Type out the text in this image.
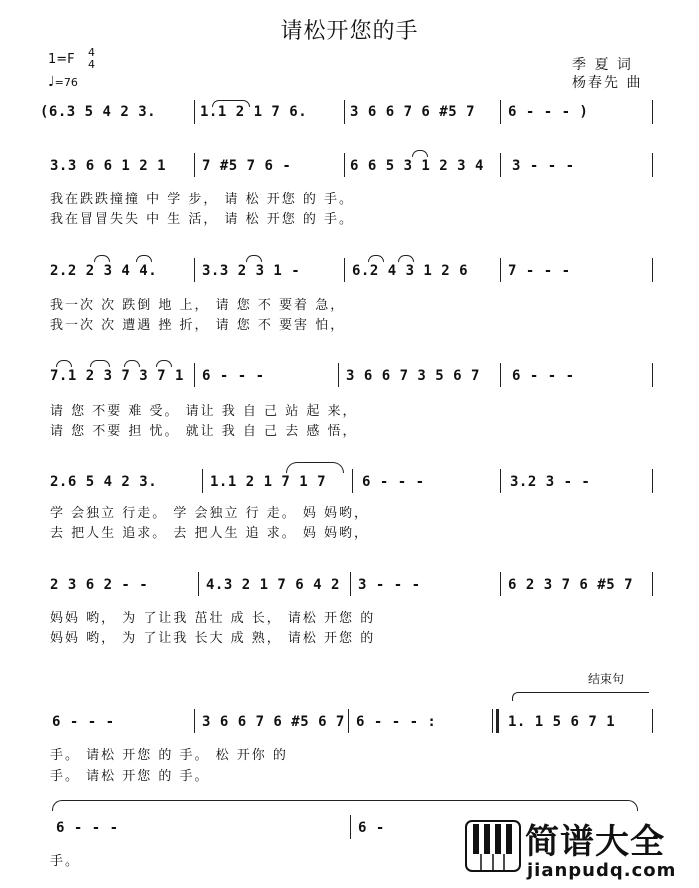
请松开您的手
1=F 4
4
♩=76
季 夏 词
杨春先 曲
(6.3 5 4 2 3.	1.1 2 1 7 6.	3 6 6 7 6 #5 7 6 - - - )
3.3 6 6 1 2 1	7 #5 7 6 -	6 6 5 3 1 2 3 4 3 - - -
我在跌跌撞撞 中 学 步， 请 松 开您 的 手。
我在冒冒失失 中 生 活， 请 松 开您 的 手。
2.2 2 3 4 4.	3.3 2 3 1 -	6.2 4 3 1 2 6	7 - - -
我一次 次 跌倒 地 上， 请 您 不 要着 急，
我一次 次 遭遇 挫 折， 请 您 不 要害 怕，
7.1 2 3 7 3 7 1 6 - - -	3 6 6 7 3 5 6 7 6 - - -
请 您 不要 难 受。 请让 我 自 己 站 起 来，
请 您 不要 担 忧。 就让 我 自 己 去 感 悟，
2.6 5 4 2 3.	1.1 2 1 7 1 7	6 - - -	3.2 3 - -
学 会独立 行走。 学 会独立 行 走。 妈 妈哟，
去 把人生 追求。 去 把人生 追 求。 妈 妈哟，
2 3 6 2 - -	4.3 2 1 7 6 4 2 3 - - -	6 2 3 7 6 #5 7
妈妈 哟， 为 了让我 茁壮 成 长， 请松 开您 的
妈妈 哟， 为 了让我 长大 成 熟， 请松 开您 的
结束句
6 - - -	3 6 6 7 6 #5 6 7 6 - - - :	1. 1 5 6 7 1
手。 请松 开您 的 手。 松 开你 的
手。 请松 开您 的 手。
6 - - -	6 -
手。	简谱大全
jianpudq.com
